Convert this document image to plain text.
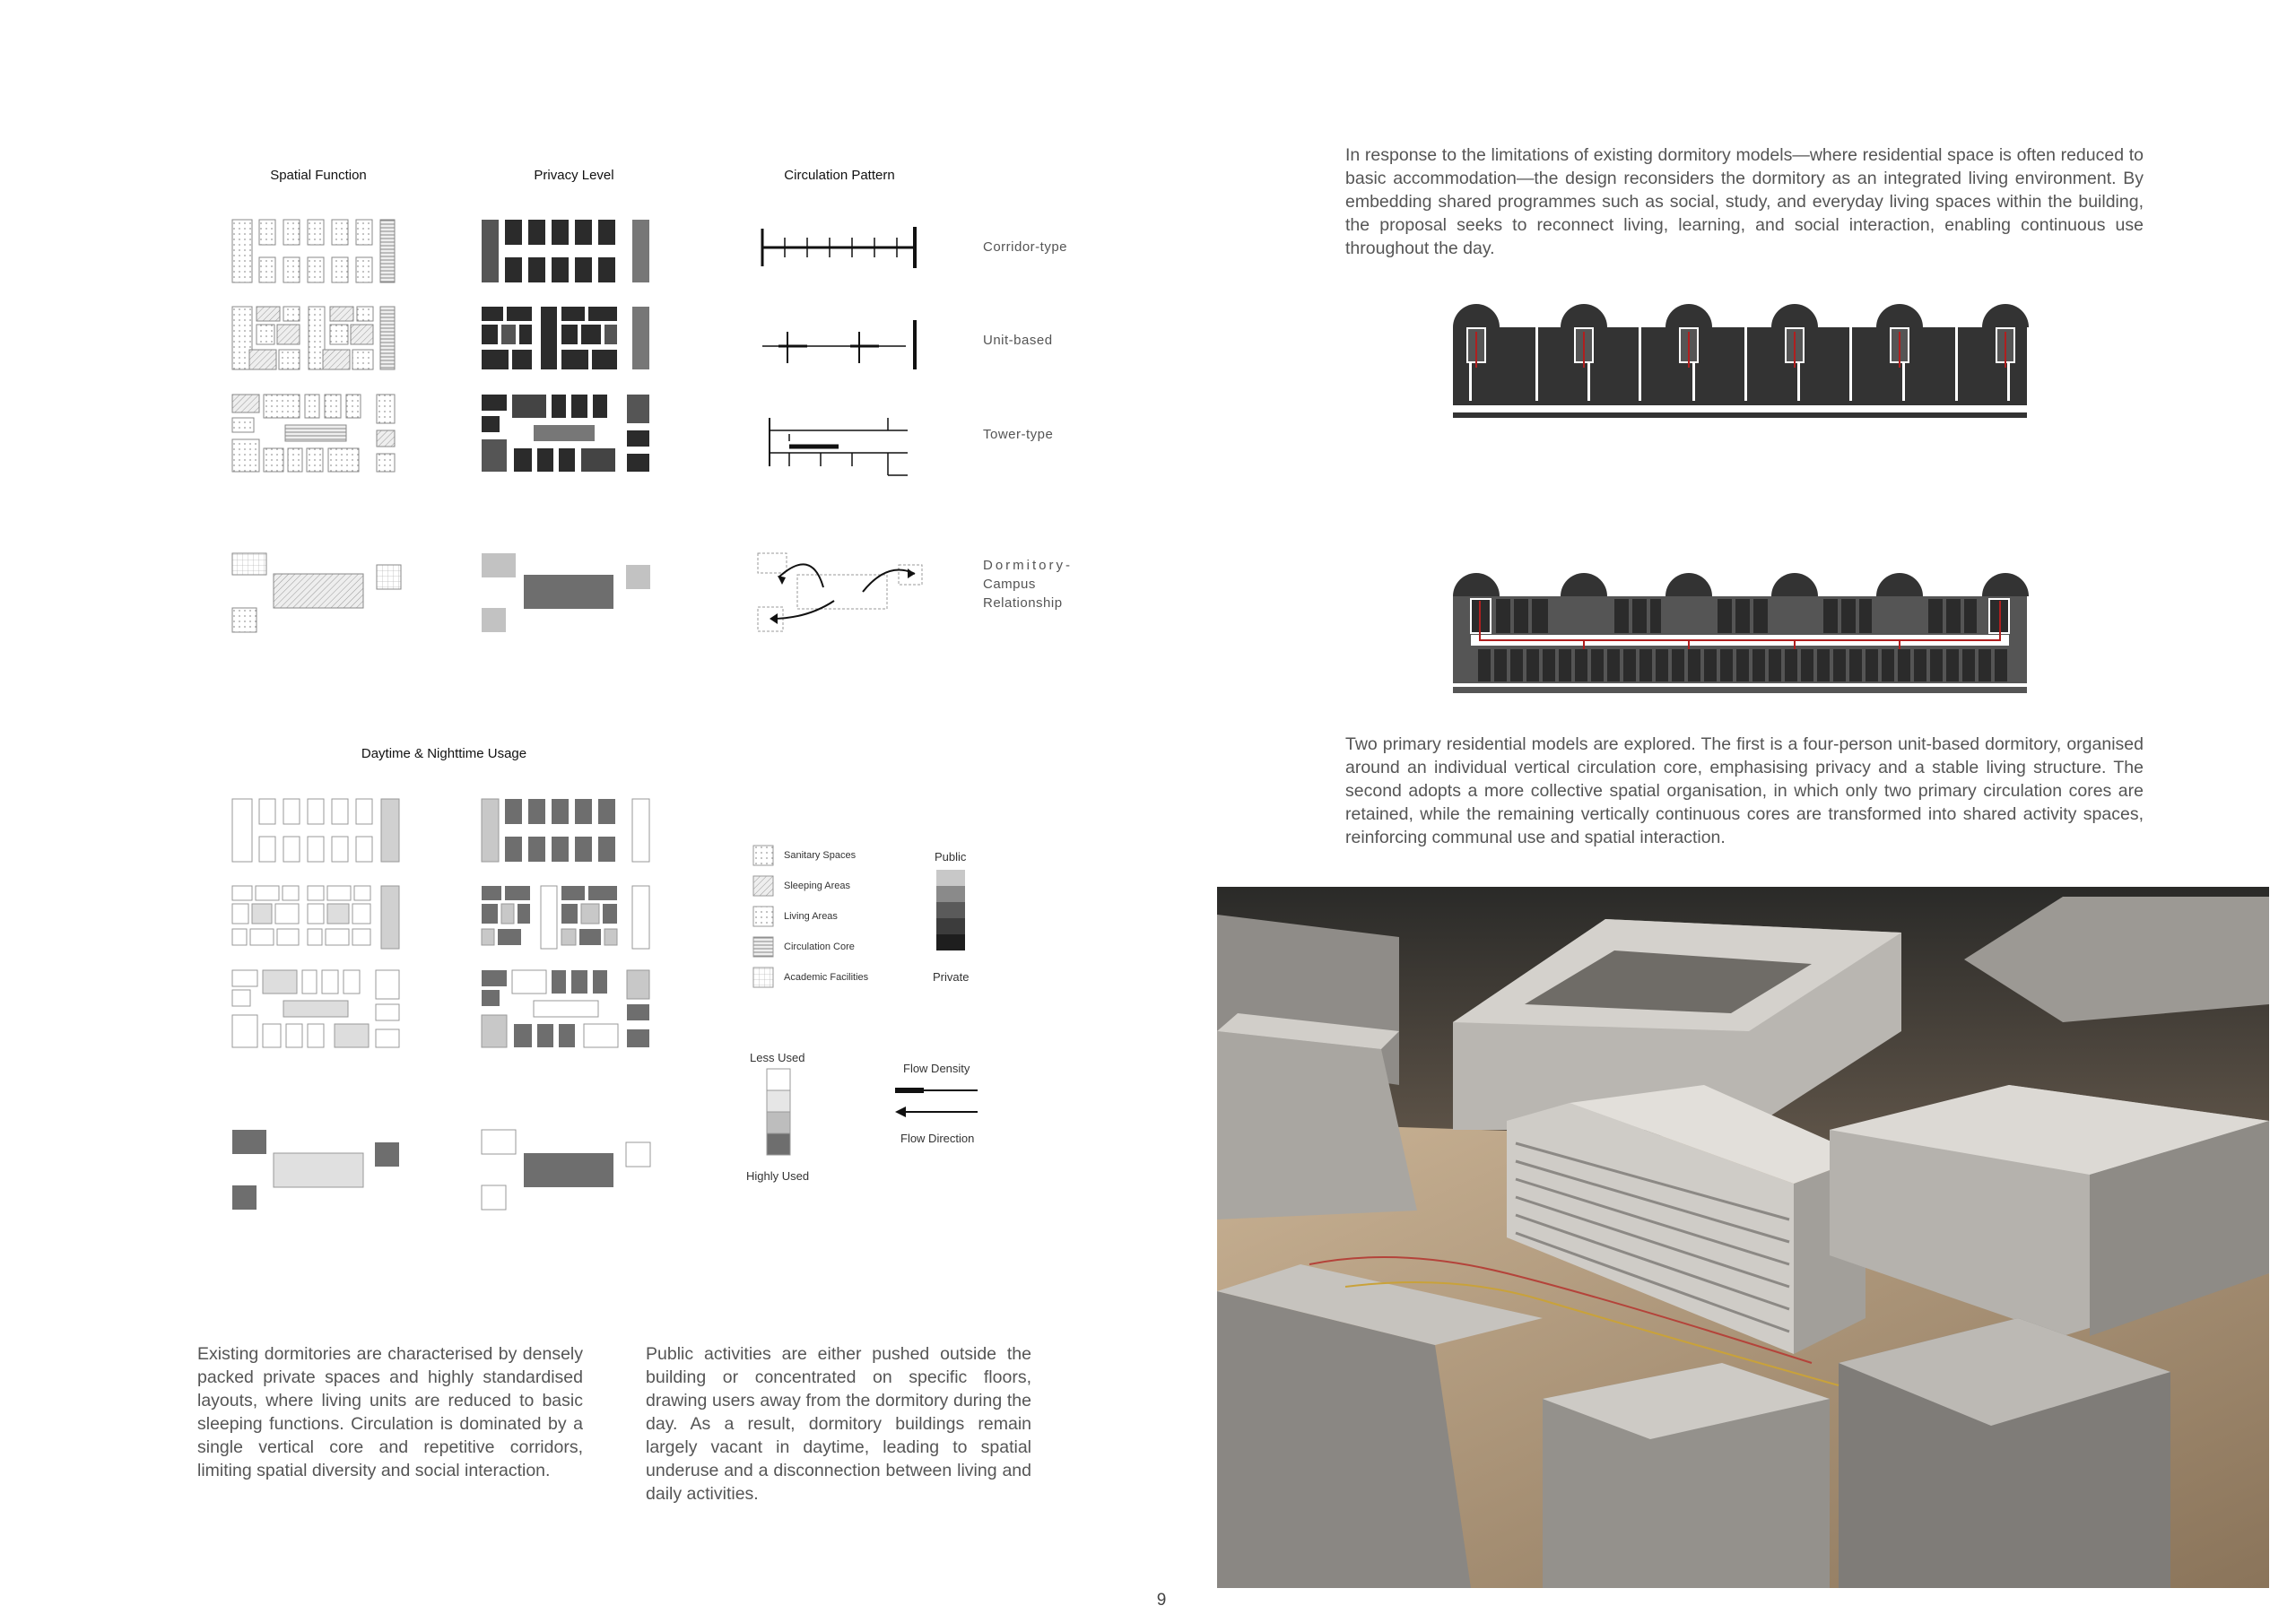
Spatial Function	Privacy Level	Circulation Pattern
Daytime & Nighttime Usage
Corridor-type
Unit-based
Tower-type
Dormitory-
Campus
Relationship
Sanitary Spaces
Sleeping Areas
Living Areas
Circulation Core
Academic Facilities
Public
Private
Less Used
Highly Used
Flow Density
Flow Direction
In response to the limitations of existing dormitory models—where residential space is often reduced to basic accommodation—the design reconsiders the dormitory as an integrated living environment. By embedding shared programmes such as social, study, and everyday living spaces within the building, the proposal seeks to reconnect living, learning, and social interaction, enabling continuous use throughout the day.
Two primary residential models are explored. The first is a four-person unit-based dormitory, organised around an individual vertical circulation core, emphasising privacy and a stable living structure. The second adopts a more collective spatial organisation, in which only two primary circulation cores are retained, while the remaining vertically continuous cores are transformed into shared activity spaces, reinforcing communal use and spatial interaction.
Existing dormitories are characterised by densely packed private spaces and highly standardised layouts, where living units are reduced to basic sleeping functions. Circulation is dominated by a single vertical core and repetitive corridors, limiting spatial diversity and social interaction.
Public activities are either pushed outside the building or concentrated on specific floors, drawing users away from the dormitory during the day. As a result, dormitory buildings remain largely vacant in daytime, leading to spatial underuse and a disconnection between living and daily activities.
9
